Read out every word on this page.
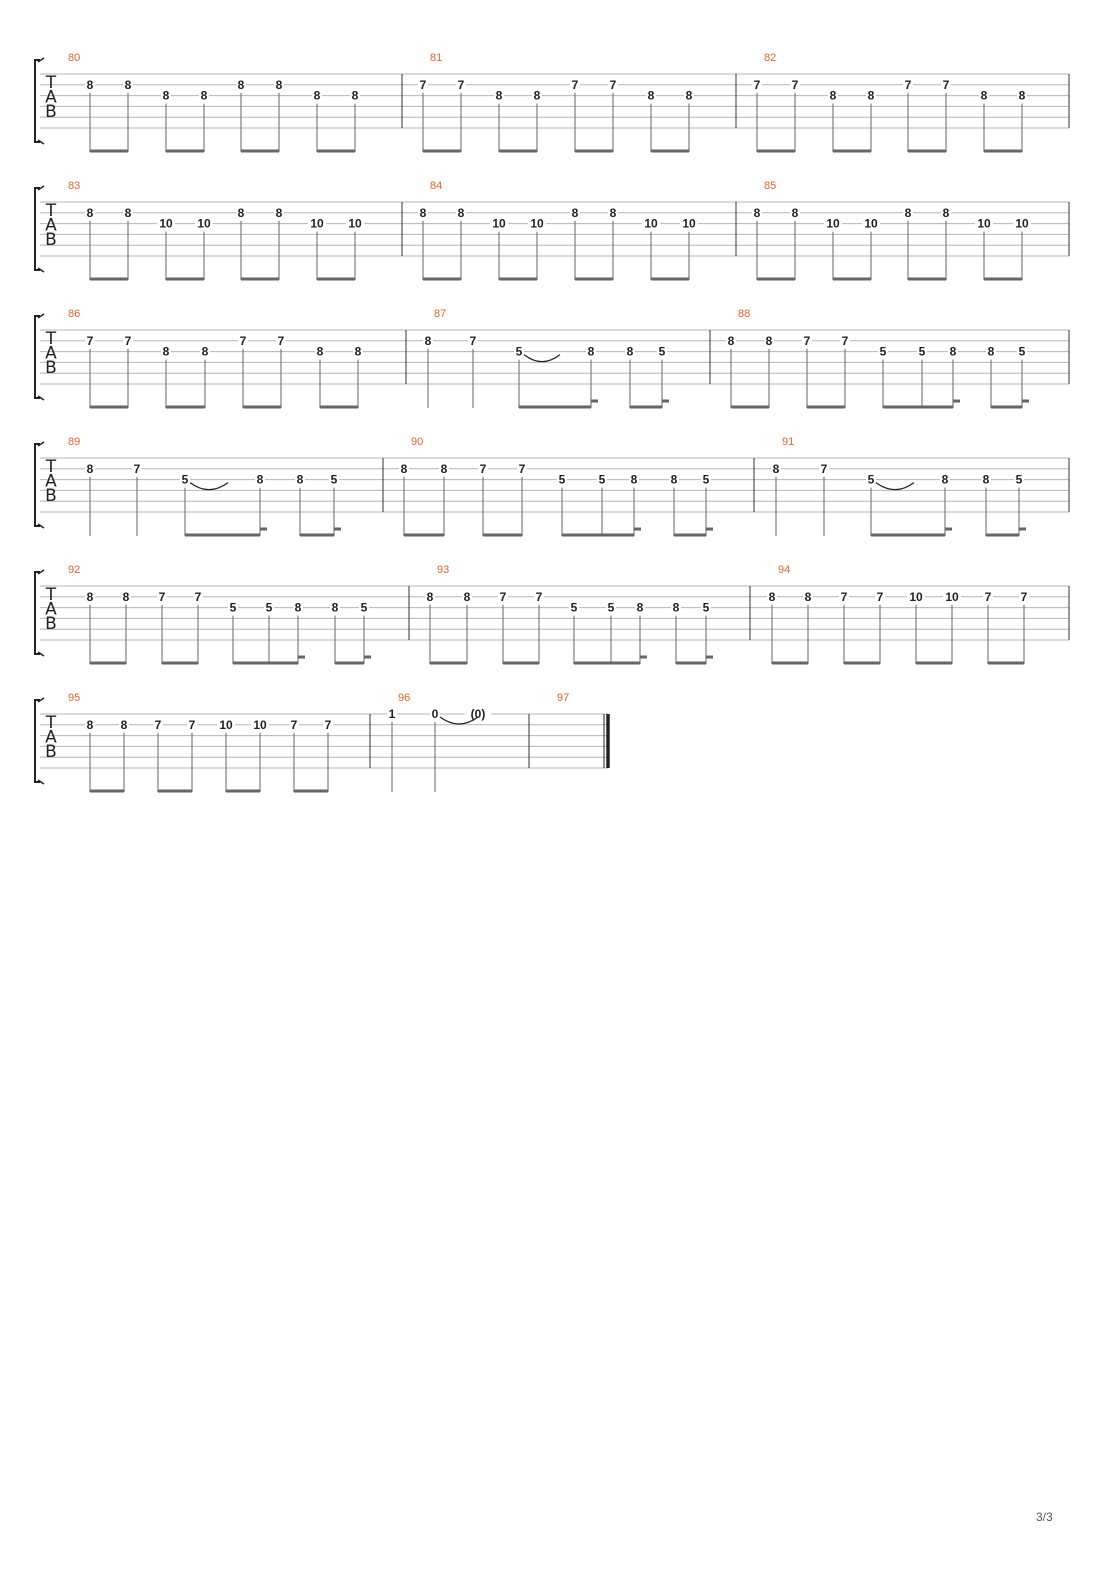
T
A
B
80
8	8
8	8
8	8
8	8
81
7	7
8	8
7	7
8	8
82
7	7
8	8
7	7
8	8
T
A
B
83
8	8
10 10
8	8
10 10
84
8	8
10 10
8	8
10 10
85
8	8
10 10
8	8
10 10
T
A
B
86
7	7
8	8
7	7
8	8
87
8	7
5	8	8 5
88
8	8	7	7
5	5 8	8 5
T
A
B
89
8	7
5	8	8 5
90
8	8	7	7
5	5 8	8 5
91
8	7
5	8	8 5
T
A
B
92
8 8 7 7
5 5 8	8 5
93
8	8 7 7
5	5 8 8 5
94
8 8 7 7 10 10 7 7
T
A
B
95
8 8 7 7 10 10 7 7
96
1	0
97
(0)
3/3
